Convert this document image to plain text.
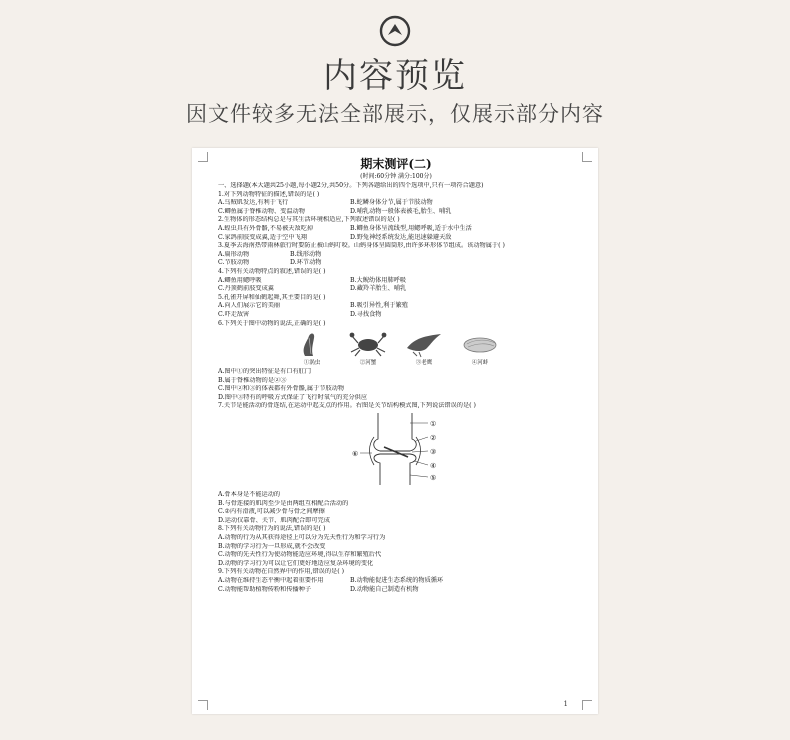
内容预览
因文件较多无法全部展示，仅展示部分内容
期末测评(二)
(时间:60分钟 满分:100分)
一、选择题(本大题共25小题,每小题2分,共50分。下列各题给出的四个选项中,只有一项符合题意)
1.对下列动物特征的描述,错误的是( )
A.乌贼肌发达,有利于飞行	B.蛇鳞身体分节,属于节肢动物
C.鲫鱼属于脊椎动物、变温动物	D.哺乳动物一般体表被毛,胎生、哺乳
2.生物体的形态结构总是与其生活环境相适应,下列叙述错误的是( )
A.蝗虫具有外骨骼,不易被天敌吃掉	B.鲫鱼身体呈流线型,用鳃呼吸,适于水中生活
C.家鸽前肢变成翼,适于空中飞翔	D.野兔神经系统发达,能迅速躲避天敌
3.夏季去海南热带雨林旅行时要防止被山蚂叮咬。山蚂身体呈圆筒形,由许多环形体节组成。该动物属于( )
A.扁形动物	B.线形动物
C.节肢动物	D.环节动物
4.下列有关动物特点的叙述,错误的是( )
A.鲫鱼用鳃呼吸	B.大鲵幼体用肺呼吸
C.丹顶鹤前肢变成翼	D.藏羚羊胎生、哺乳
5.孔雀开屏和仙鹤起舞,其主要目的是( )
A.向人们展示它的美丽	B.吸引异性,利于繁殖
C.吓走敌害	D.寻找食物
6.下列关于图中动物的说法,正确的是( )
①涡虫	②河蟹	③老鹰	④河蚌
A.图中①的突出特征是有口有肛门
B.属于脊椎动物的是②③
C.图中②和③的体表都有外骨骼,属于节肢动物
D.图中③特有的呼吸方式保证了飞行时氧气的充分供应
7.关节是能活动的骨连结,在运动中起支点的作用。右图是关节结构模式图,下列说法错误的是( )
⑥
①
②
③
④
⑤
A.骨本身是不能运动的
B.与骨连接的肌肉至少是由两组互相配合活动的
C.②内有滑液,可以减少骨与骨之间摩擦
D.运动仅靠骨、关节、肌肉配合即可完成
8.下列有关动物行为的说法,错误的是( )
A.动物的行为从其获得途径上可以分为先天性行为和学习行为
B.动物的学习行为一旦形成,就不会改变
C.动物的先天性行为使动物能适应环境,得以生存和繁殖后代
D.动物的学习行为可以让它们更好地适应复杂环境的变化
9.下列有关动物在自然界中的作用,错误的是( )
A.动物在维持生态平衡中起着重要作用	B.动物能促进生态系统的物质循环
C.动物能帮助植物传粉和传播种子	D.动物能自己制造有机物
1
